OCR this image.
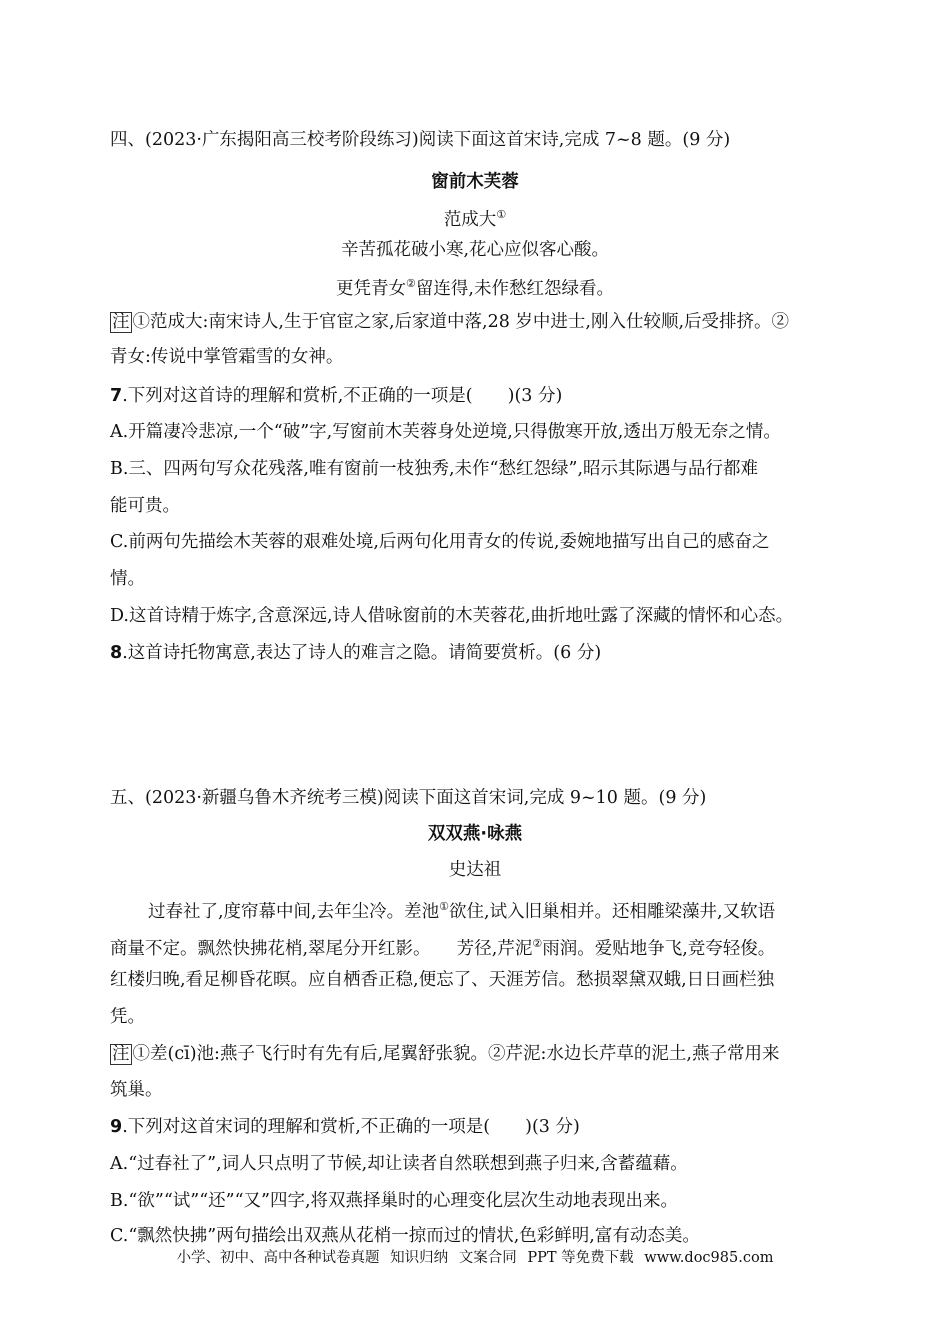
四、(2023·广东揭阳高三校考阶段练习)阅读下面这首宋诗,完成 7~8 题。(9 分)
窗前木芙蓉
范成大①
辛苦孤花破小寒,花心应似客心酸。
更凭青女②留连得,未作愁红怨绿看。
注 ①范成大:南宋诗人,生于官宦之家,后家道中落,28 岁中进士,刚入仕较顺,后受排挤。②
青女:传说中掌管霜雪的女神。
7.下列对这首诗的理解和赏析,不正确的一项是(　　)(3 分)
A.开篇凄冷悲凉,一个“破”字,写窗前木芙蓉身处逆境,只得傲寒开放,透出万般无奈之情。
B.三、四两句写众花残落,唯有窗前一枝独秀,未作“愁红怨绿”,昭示其际遇与品行都难
能可贵。
C.前两句先描绘木芙蓉的艰难处境,后两句化用青女的传说,委婉地描写出自己的感奋之
情。
D.这首诗精于炼字,含意深远,诗人借咏窗前的木芙蓉花,曲折地吐露了深藏的情怀和心态。
8.这首诗托物寓意,表达了诗人的难言之隐。请简要赏析。(6 分)
五、(2023·新疆乌鲁木齐统考三模)阅读下面这首宋词,完成 9~10 题。(9 分)
双双燕·咏燕
史达祖
过春社了,度帘幕中间,去年尘冷。差池①欲住,试入旧巢相并。还相雕梁藻井,又软语
商量不定。飘然快拂花梢,翠尾分开红影。　　芳径,芹泥②雨润。爱贴地争飞,竞夸轻俊。
红楼归晚,看足柳昏花暝。应自栖香正稳,便忘了、天涯芳信。愁损翠黛双蛾,日日画栏独
凭。
注 ①差(cī)池:燕子飞行时有先有后,尾翼舒张貌。②芹泥:水边长芹草的泥土,燕子常用来
筑巢。
9.下列对这首宋词的理解和赏析,不正确的一项是(　　)(3 分)
A.“过春社了”,词人只点明了节候,却让读者自然联想到燕子归来,含蓄蕴藉。
B.“欲”“试”“还”“又”四字,将双燕择巢时的心理变化层次生动地表现出来。
C.“飘然快拂”两句描绘出双燕从花梢一掠而过的情状,色彩鲜明,富有动态美。
小学、初中、高中各种试卷真题 知识归纳 文案合同 PPT 等免费下载 www.doc985.com
